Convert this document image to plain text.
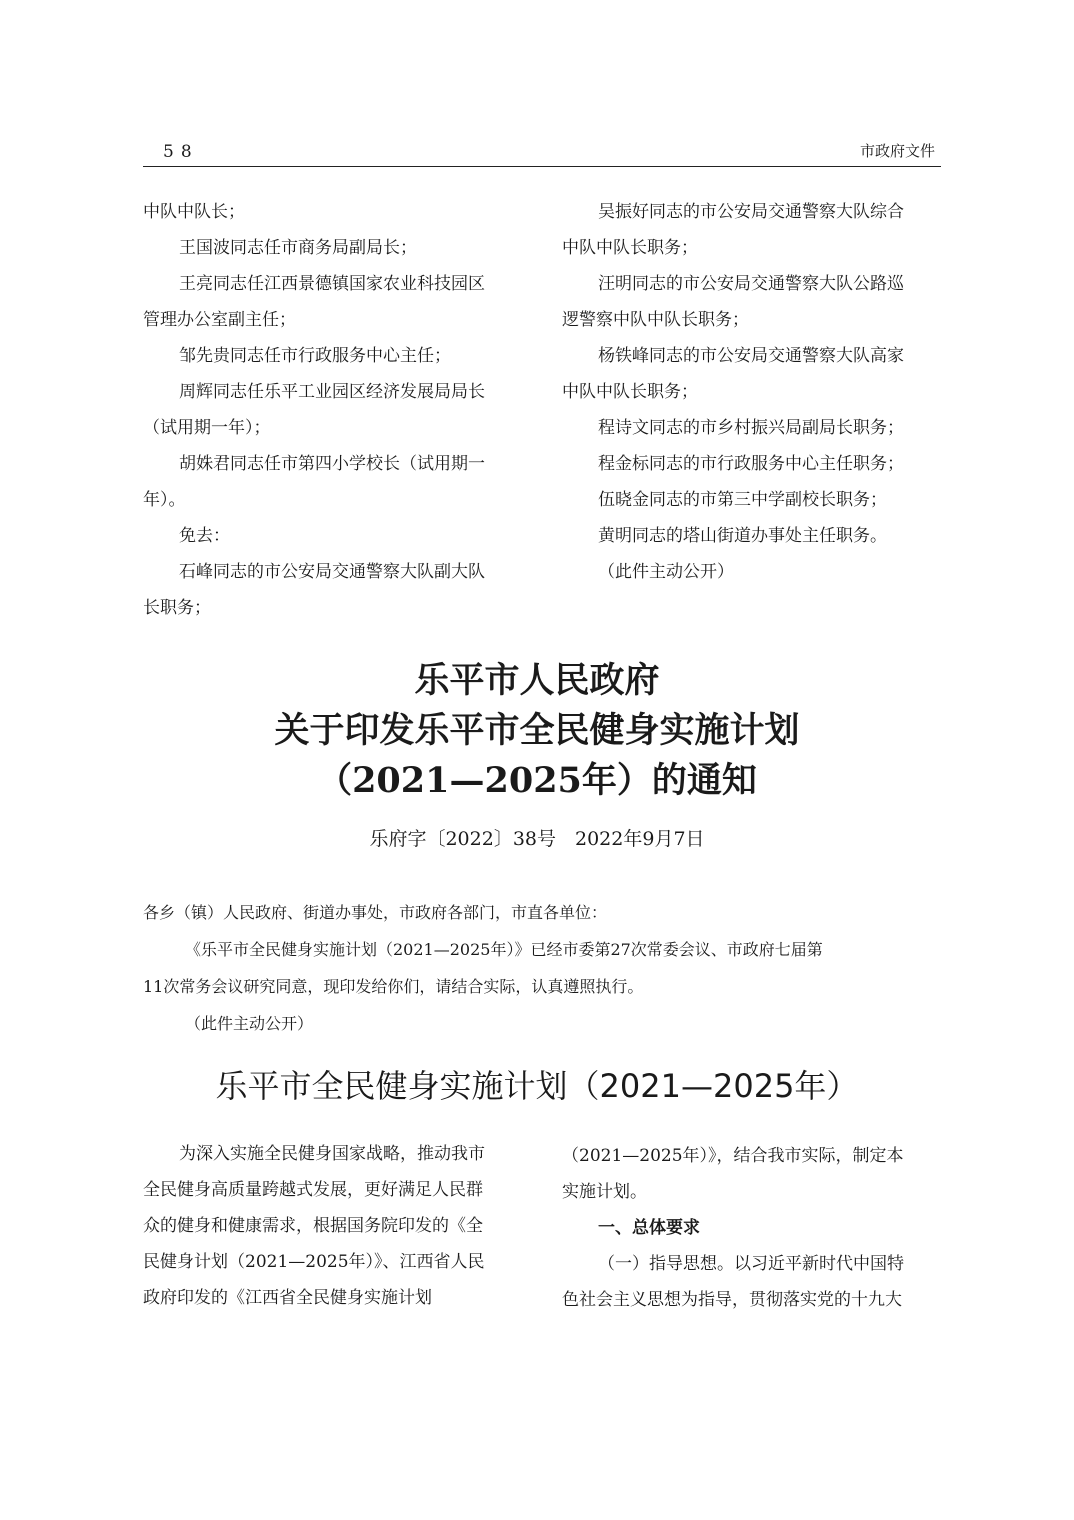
58	市政府文件
中队中队长；
王国波同志任市商务局副局长；
王亮同志任江西景德镇国家农业科技园区
管理办公室副主任；
邹先贵同志任市行政服务中心主任；
周辉同志任乐平工业园区经济发展局局长
（试用期一年）；
胡姝君同志任市第四小学校长（试用期一
年）。
免去：
石峰同志的市公安局交通警察大队副大队
长职务；
吴振好同志的市公安局交通警察大队综合
中队中队长职务；
汪明同志的市公安局交通警察大队公路巡
逻警察中队中队长职务；
杨铁峰同志的市公安局交通警察大队高家
中队中队长职务；
程诗文同志的市乡村振兴局副局长职务；
程金标同志的市行政服务中心主任职务；
伍晓金同志的市第三中学副校长职务；
黄明同志的塔山街道办事处主任职务。
（此件主动公开）
乐平市人民政府
关于印发乐平市全民健身实施计划
（2021—2025年）的通知
乐府字〔2022〕38号　2022年9月7日
各乡（镇）人民政府、街道办事处，市政府各部门，市直各单位：
《乐平市全民健身实施计划（2021—2025年）》已经市委第27次常委会议、市政府七届第
11次常务会议研究同意，现印发给你们，请结合实际，认真遵照执行。
（此件主动公开）
乐平市全民健身实施计划（2021—2025年）
为深入实施全民健身国家战略，推动我市
全民健身高质量跨越式发展，更好满足人民群
众的健身和健康需求，根据国务院印发的《全
民健身计划（2021—2025年）》、江西省人民
政府印发的《江西省全民健身实施计划
（2021—2025年）》，结合我市实际，制定本
实施计划。
一、总体要求
（一）指导思想。以习近平新时代中国特
色社会主义思想为指导，贯彻落实党的十九大
